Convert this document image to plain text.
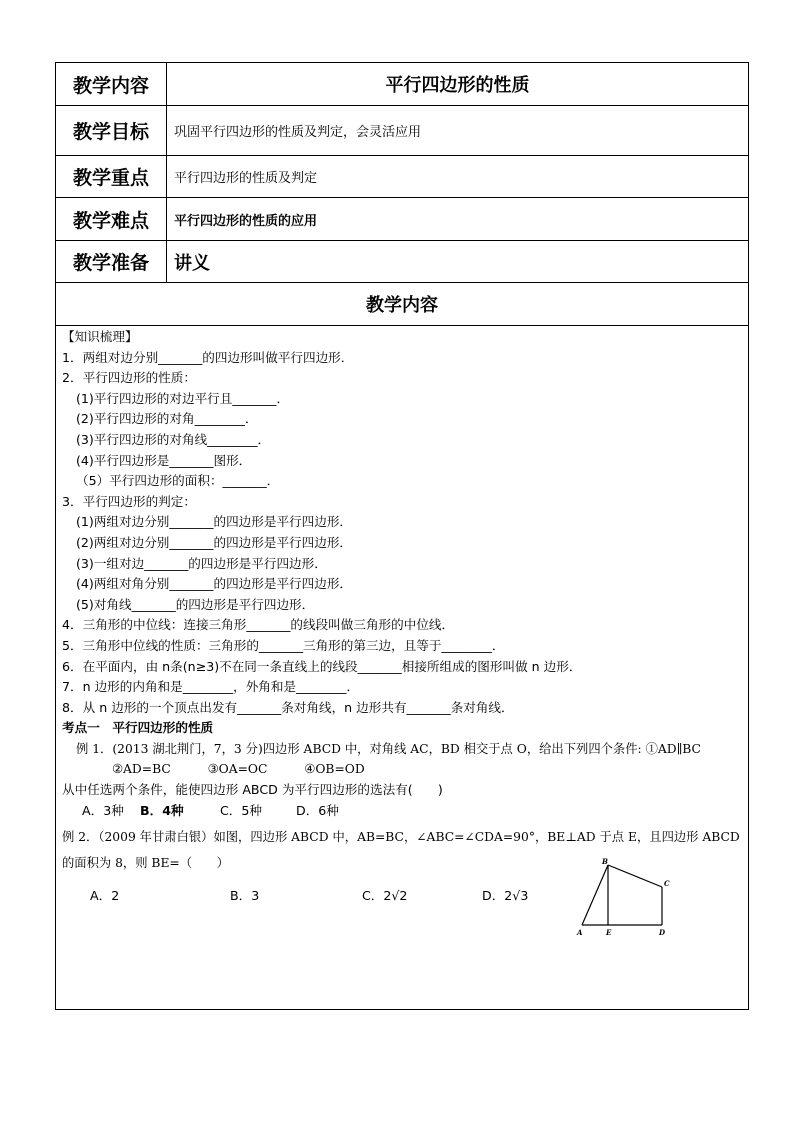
教学内容	平行四边形的性质
教学目标	巩固平行四边形的性质及判定，会灵活应用
教学重点	平行四边形的性质及判定
教学难点	平行四边形的性质的应用
教学准备	讲义
教学内容
【知识梳理】
1．两组对边分别_______的四边形叫做平行四边形．
2．平行四边形的性质：
(1)平行四边形的对边平行且_______．
(2)平行四边形的对角________．
(3)平行四边形的对角线________．
(4)平行四边形是_______图形．
（5）平行四边形的面积：_______．
3．平行四边形的判定：
(1)两组对边分别_______的四边形是平行四边形．
(2)两组对边分别_______的四边形是平行四边形．
(3)一组对边_______的四边形是平行四边形．
(4)两组对角分别_______的四边形是平行四边形．
(5)对角线_______的四边形是平行四边形．
4．三角形的中位线：连接三角形_______的线段叫做三角形的中位线．
5．三角形中位线的性质：三角形的_______三角形的第三边，且等于________．
6．在平面内，由 n条(n≥3)不在同一条直线上的线段_______相接所组成的图形叫做 n 边形．
7．n 边形的内角和是________，外角和是________．
8．从 n 边形的一个顶点出发有_______条对角线，n 边形共有_______条对角线．
考点一　平行四边形的性质
例 1．(2013 湖北荆门，7，3 分)四边形 ABCD 中，对角线 AC，BD 相交于点 O，给出下列四个条件: ①AD∥BC
②AD=BC　　　③OA=OC　　　④OB=OD
从中任选两个条件，能使四边形 ABCD 为平行四边形的选法有(　　)
A．3种 B．4种	C．5种	D．6种
例 2．（2009 年甘肃白银）如图，四边形 ABCD 中，AB=BC，∠ABC=∠CDA=90°，BE⊥AD 于点 E，且四边形 ABCD
的面积为 8，则 BE=（　　）
A．2	B．3	C．2√2	D．2√3
A
B
C
D
E
